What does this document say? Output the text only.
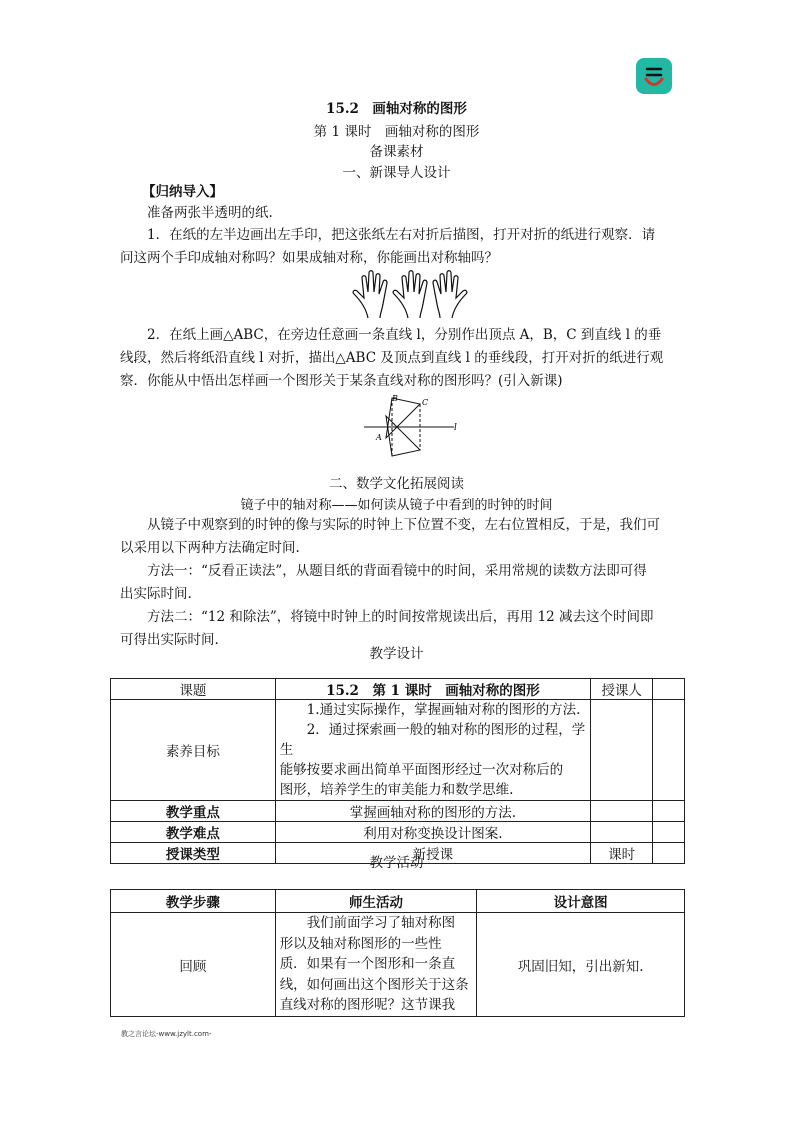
15.2　画轴对称的图形
第 1 课时　画轴对称的图形
备课素材
一、新课导人设计
【归纳导入】
准备两张半透明的纸.
1．在纸的左半边画出左手印，把这张纸左右对折后描图，打开对折的纸进行观察．请
问这两个手印成轴对称吗？如果成轴对称，你能画出对称轴吗？
2．在纸上画△ABC，在旁边任意画一条直线 l，分别作出顶点 A，B，C 到直线 l 的垂
线段，然后将纸沿直线 l 对折，描出△ABC 及顶点到直线 l 的垂线段，打开对折的纸进行观
察．你能从中悟出怎样画一个图形关于某条直线对称的图形吗？(引入新课)
B	C
A
l
二、数学文化拓展阅读
镜子中的轴对称——如何读从镜子中看到的时钟的时间
从镜子中观察到的时钟的像与实际的时钟上下位置不变，左右位置相反，于是，我们可
以采用以下两种方法确定时间.
方法一：“反看正读法”，从题目纸的背面看镜中的时间，采用常规的读数方法即可得
出实际时间.
方法二：“12 和除法”，将镜中时钟上的时间按常规读出后，再用 12 减去这个时间即
可得出实际时间.
教学设计
课题	15.2　第 1 课时　画轴对称的图形	授课人	
素养目标	1.通过实际操作，掌握画轴对称的图形的方法.
2．通过探索画一般的轴对称的图形的过程，学生
能够按要求画出简单平面图形经过一次对称后的
图形，培养学生的审美能力和数学思维.		

教学重点	掌握画轴对称的图形的方法.		
教学难点	利用对称变换设计图案.		
授课类型	新授课	课时	
教学活动
教学步骤	师生活动	设计意图
回顾	我们前面学习了轴对称图
形以及轴对称图形的一些性
质．如果有一个图形和一条直
线，如何画出这个图形关于这条
直线对称的图形呢？这节课我	巩固旧知，引出新知.
教之言论坛-www.jzylt.com-
